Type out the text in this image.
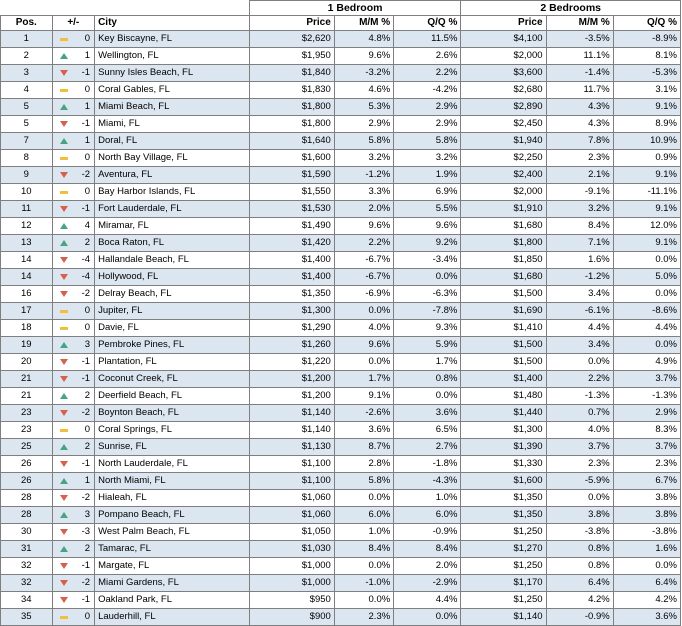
			1 Bedroom			2 Bedrooms		
Pos.	+/-	City	Price	M/M %	Q/Q %	Price	M/M %	Q/Q %
1	0	Key Biscayne, FL	$2,620	4.8%	11.5%	$4,100	-3.5%	-8.9%
2	1	Wellington, FL	$1,950	9.6%	2.6%	$2,000	11.1%	8.1%
3	-1	Sunny Isles Beach, FL	$1,840	-3.2%	2.2%	$3,600	-1.4%	-5.3%
4	0	Coral Gables, FL	$1,830	4.6%	-4.2%	$2,680	11.7%	3.1%
5	1	Miami Beach, FL	$1,800	5.3%	2.9%	$2,890	4.3%	9.1%
5	-1	Miami, FL	$1,800	2.9%	2.9%	$2,450	4.3%	8.9%
7	1	Doral, FL	$1,640	5.8%	5.8%	$1,940	7.8%	10.9%
8	0	North Bay Village, FL	$1,600	3.2%	3.2%	$2,250	2.3%	0.9%
9	-2	Aventura, FL	$1,590	-1.2%	1.9%	$2,400	2.1%	9.1%
10	0	Bay Harbor Islands, FL	$1,550	3.3%	6.9%	$2,000	-9.1%	-11.1%
11	-1	Fort Lauderdale, FL	$1,530	2.0%	5.5%	$1,910	3.2%	9.1%
12	4	Miramar, FL	$1,490	9.6%	9.6%	$1,680	8.4%	12.0%
13	2	Boca Raton, FL	$1,420	2.2%	9.2%	$1,800	7.1%	9.1%
14	-4	Hallandale Beach, FL	$1,400	-6.7%	-3.4%	$1,850	1.6%	0.0%
14	-4	Hollywood, FL	$1,400	-6.7%	0.0%	$1,680	-1.2%	5.0%
16	-2	Delray Beach, FL	$1,350	-6.9%	-6.3%	$1,500	3.4%	0.0%
17	0	Jupiter, FL	$1,300	0.0%	-7.8%	$1,690	-6.1%	-8.6%
18	0	Davie, FL	$1,290	4.0%	9.3%	$1,410	4.4%	4.4%
19	3	Pembroke Pines, FL	$1,260	9.6%	5.9%	$1,500	3.4%	0.0%
20	-1	Plantation, FL	$1,220	0.0%	1.7%	$1,500	0.0%	4.9%
21	-1	Coconut Creek, FL	$1,200	1.7%	0.8%	$1,400	2.2%	3.7%
21	2	Deerfield Beach, FL	$1,200	9.1%	0.0%	$1,480	-1.3%	-1.3%
23	-2	Boynton Beach, FL	$1,140	-2.6%	3.6%	$1,440	0.7%	2.9%
23	0	Coral Springs, FL	$1,140	3.6%	6.5%	$1,300	4.0%	8.3%
25	2	Sunrise, FL	$1,130	8.7%	2.7%	$1,390	3.7%	3.7%
26	-1	North Lauderdale, FL	$1,100	2.8%	-1.8%	$1,330	2.3%	2.3%
26	1	North Miami, FL	$1,100	5.8%	-4.3%	$1,600	-5.9%	6.7%
28	-2	Hialeah, FL	$1,060	0.0%	1.0%	$1,350	0.0%	3.8%
28	3	Pompano Beach, FL	$1,060	6.0%	6.0%	$1,350	3.8%	3.8%
30	-3	West Palm Beach, FL	$1,050	1.0%	-0.9%	$1,250	-3.8%	-3.8%
31	2	Tamarac, FL	$1,030	8.4%	8.4%	$1,270	0.8%	1.6%
32	-1	Margate, FL	$1,000	0.0%	2.0%	$1,250	0.8%	0.0%
32	-2	Miami Gardens, FL	$1,000	-1.0%	-2.9%	$1,170	6.4%	6.4%
34	-1	Oakland Park, FL	$950	0.0%	4.4%	$1,250	4.2%	4.2%
35	0	Lauderhill, FL	$900	2.3%	0.0%	$1,140	-0.9%	3.6%
